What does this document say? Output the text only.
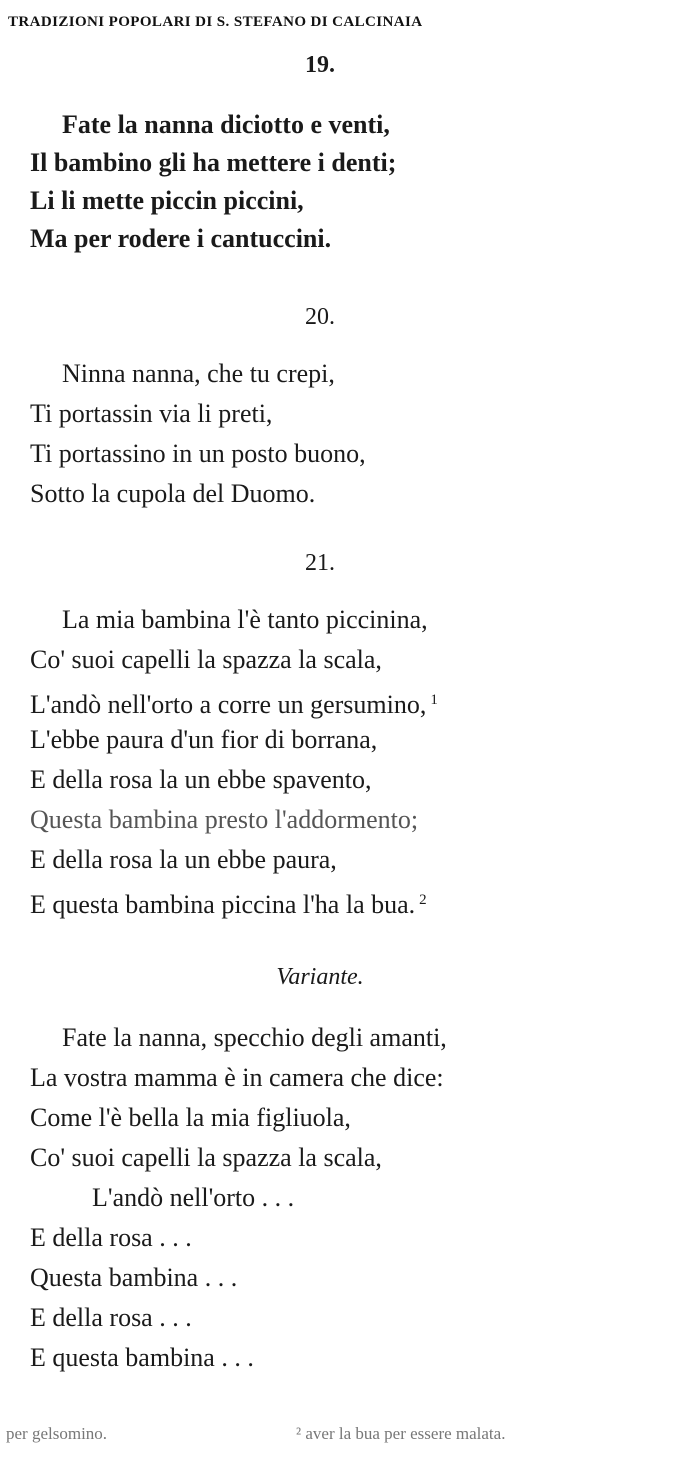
TRADIZIONI POPOLARI DI S. STEFANO DI CALCINAIA
19.
Fate la nanna diciotto e venti,
Il bambino gli ha mettere i denti;
Li li mette piccin piccini,
Ma per rodere i cantuccini.
20.
Ninna nanna, che tu crepi,
Ti portassin via li preti,
Ti portassino in un posto buono,
Sotto la cupola del Duomo.
21.
La mia bambina l'è tanto piccinina,
Co' suoi capelli la spazza la scala,
L'andò nell'orto a corre un gersumino, $^1$
L'ebbe paura d'un fior di borrana,
E della rosa la un ebbe spavento,
Questa bambina presto l'addormento;
E della rosa la un ebbe paura,
E questa bambina piccina l'ha la bua. $^2$
Variante.
Fate la nanna, specchio degli amanti,
La vostra mamma è in camera che dice:
Come l'è bella la mia figliuola,
Co' suoi capelli la spazza la scala,
L'andò nell'orto . . .
E della rosa . . .
Questa bambina . . .
E della rosa . . .
E questa bambina . . .
per gelsomino.	² aver la bua per essere malata.
